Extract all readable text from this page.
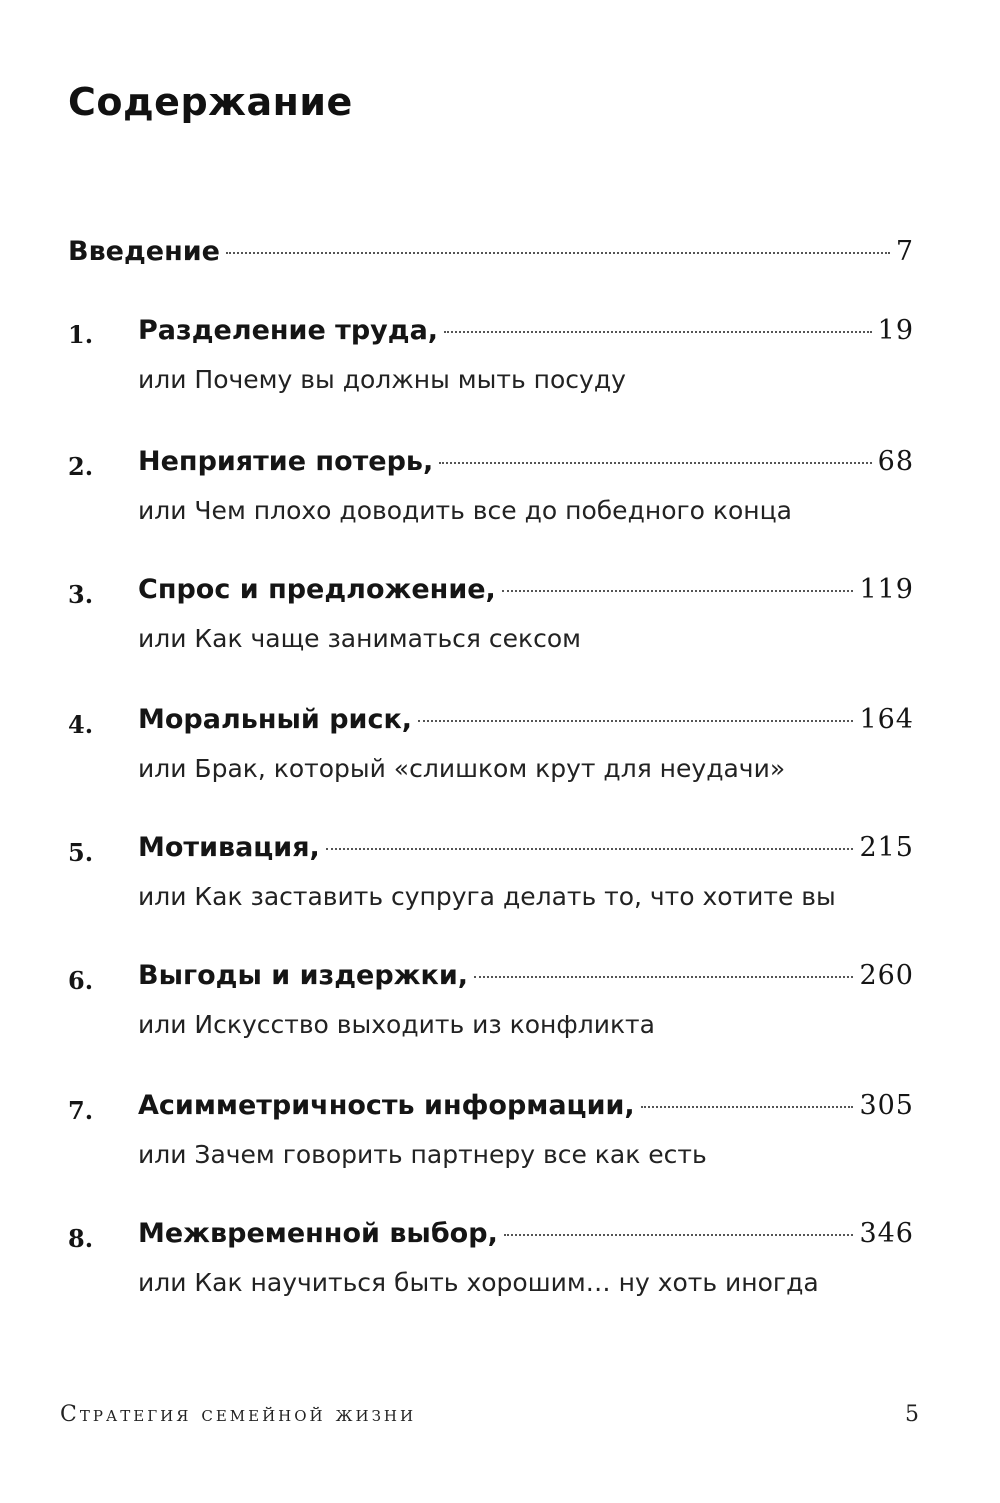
Содержание
Введение	7
1. Разделение труда,	19
или Почему вы должны мыть посуду
2. Неприятие потерь,	68
или Чем плохо доводить все до победного конца
3. Спрос и предложение,	119
или Как чаще заниматься сексом
4. Моральный риск,	164
или Брак, который «слишком крут для неудачи»
5. Мотивация,	215
или Как заставить супруга делать то, что хотите вы
6. Выгоды и издержки,	260
или Искусство выходить из конфликта
7. Асимметричность информации,	305
или Зачем говорить партнеру все как есть
8. Межвременной выбор,	346
или Как научиться быть хорошим… ну хоть иногда
Стратегия семейной жизни	5
